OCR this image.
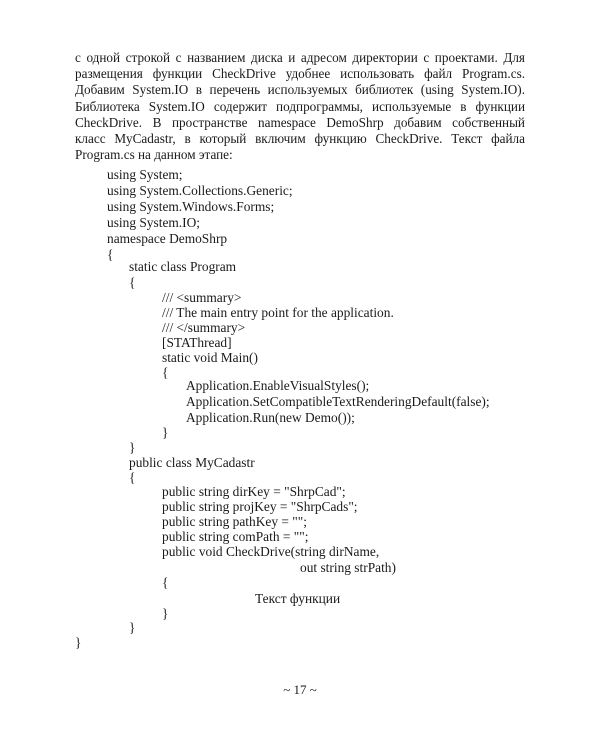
с одной строкой с названием диска и адресом директории с проектами. Для
размещения функции CheckDrive удобнее использовать файл Program.cs.
Добавим System.IO в перечень используемых библиотек (using System.IO).
Библиотека System.IO содержит подпрограммы, используемые в функции
CheckDrive. В пространстве namespace DemoShrp добавим собственный
класс MyCadastr, в который включим функцию CheckDrive. Текст файла
Program.cs на данном этапе:

using System;
using System.Collections.Generic;
using System.Windows.Forms;
using System.IO;
namespace DemoShrp
{
static class Program
{
/// <summary>
/// The main entry point for the application.
/// </summary>
[STAThread]
static void Main()
{
Application.EnableVisualStyles();
Application.SetCompatibleTextRenderingDefault(false);
Application.Run(new Demo());
}
}
public class MyCadastr
{
public string dirKey = "ShrpCad";
public string projKey = "ShrpCads";
public string pathKey = "";
public string comPath = "";
public void CheckDrive(string dirName,
out string strPath)
{
Текст функции
}
}
}
~ 17 ~
